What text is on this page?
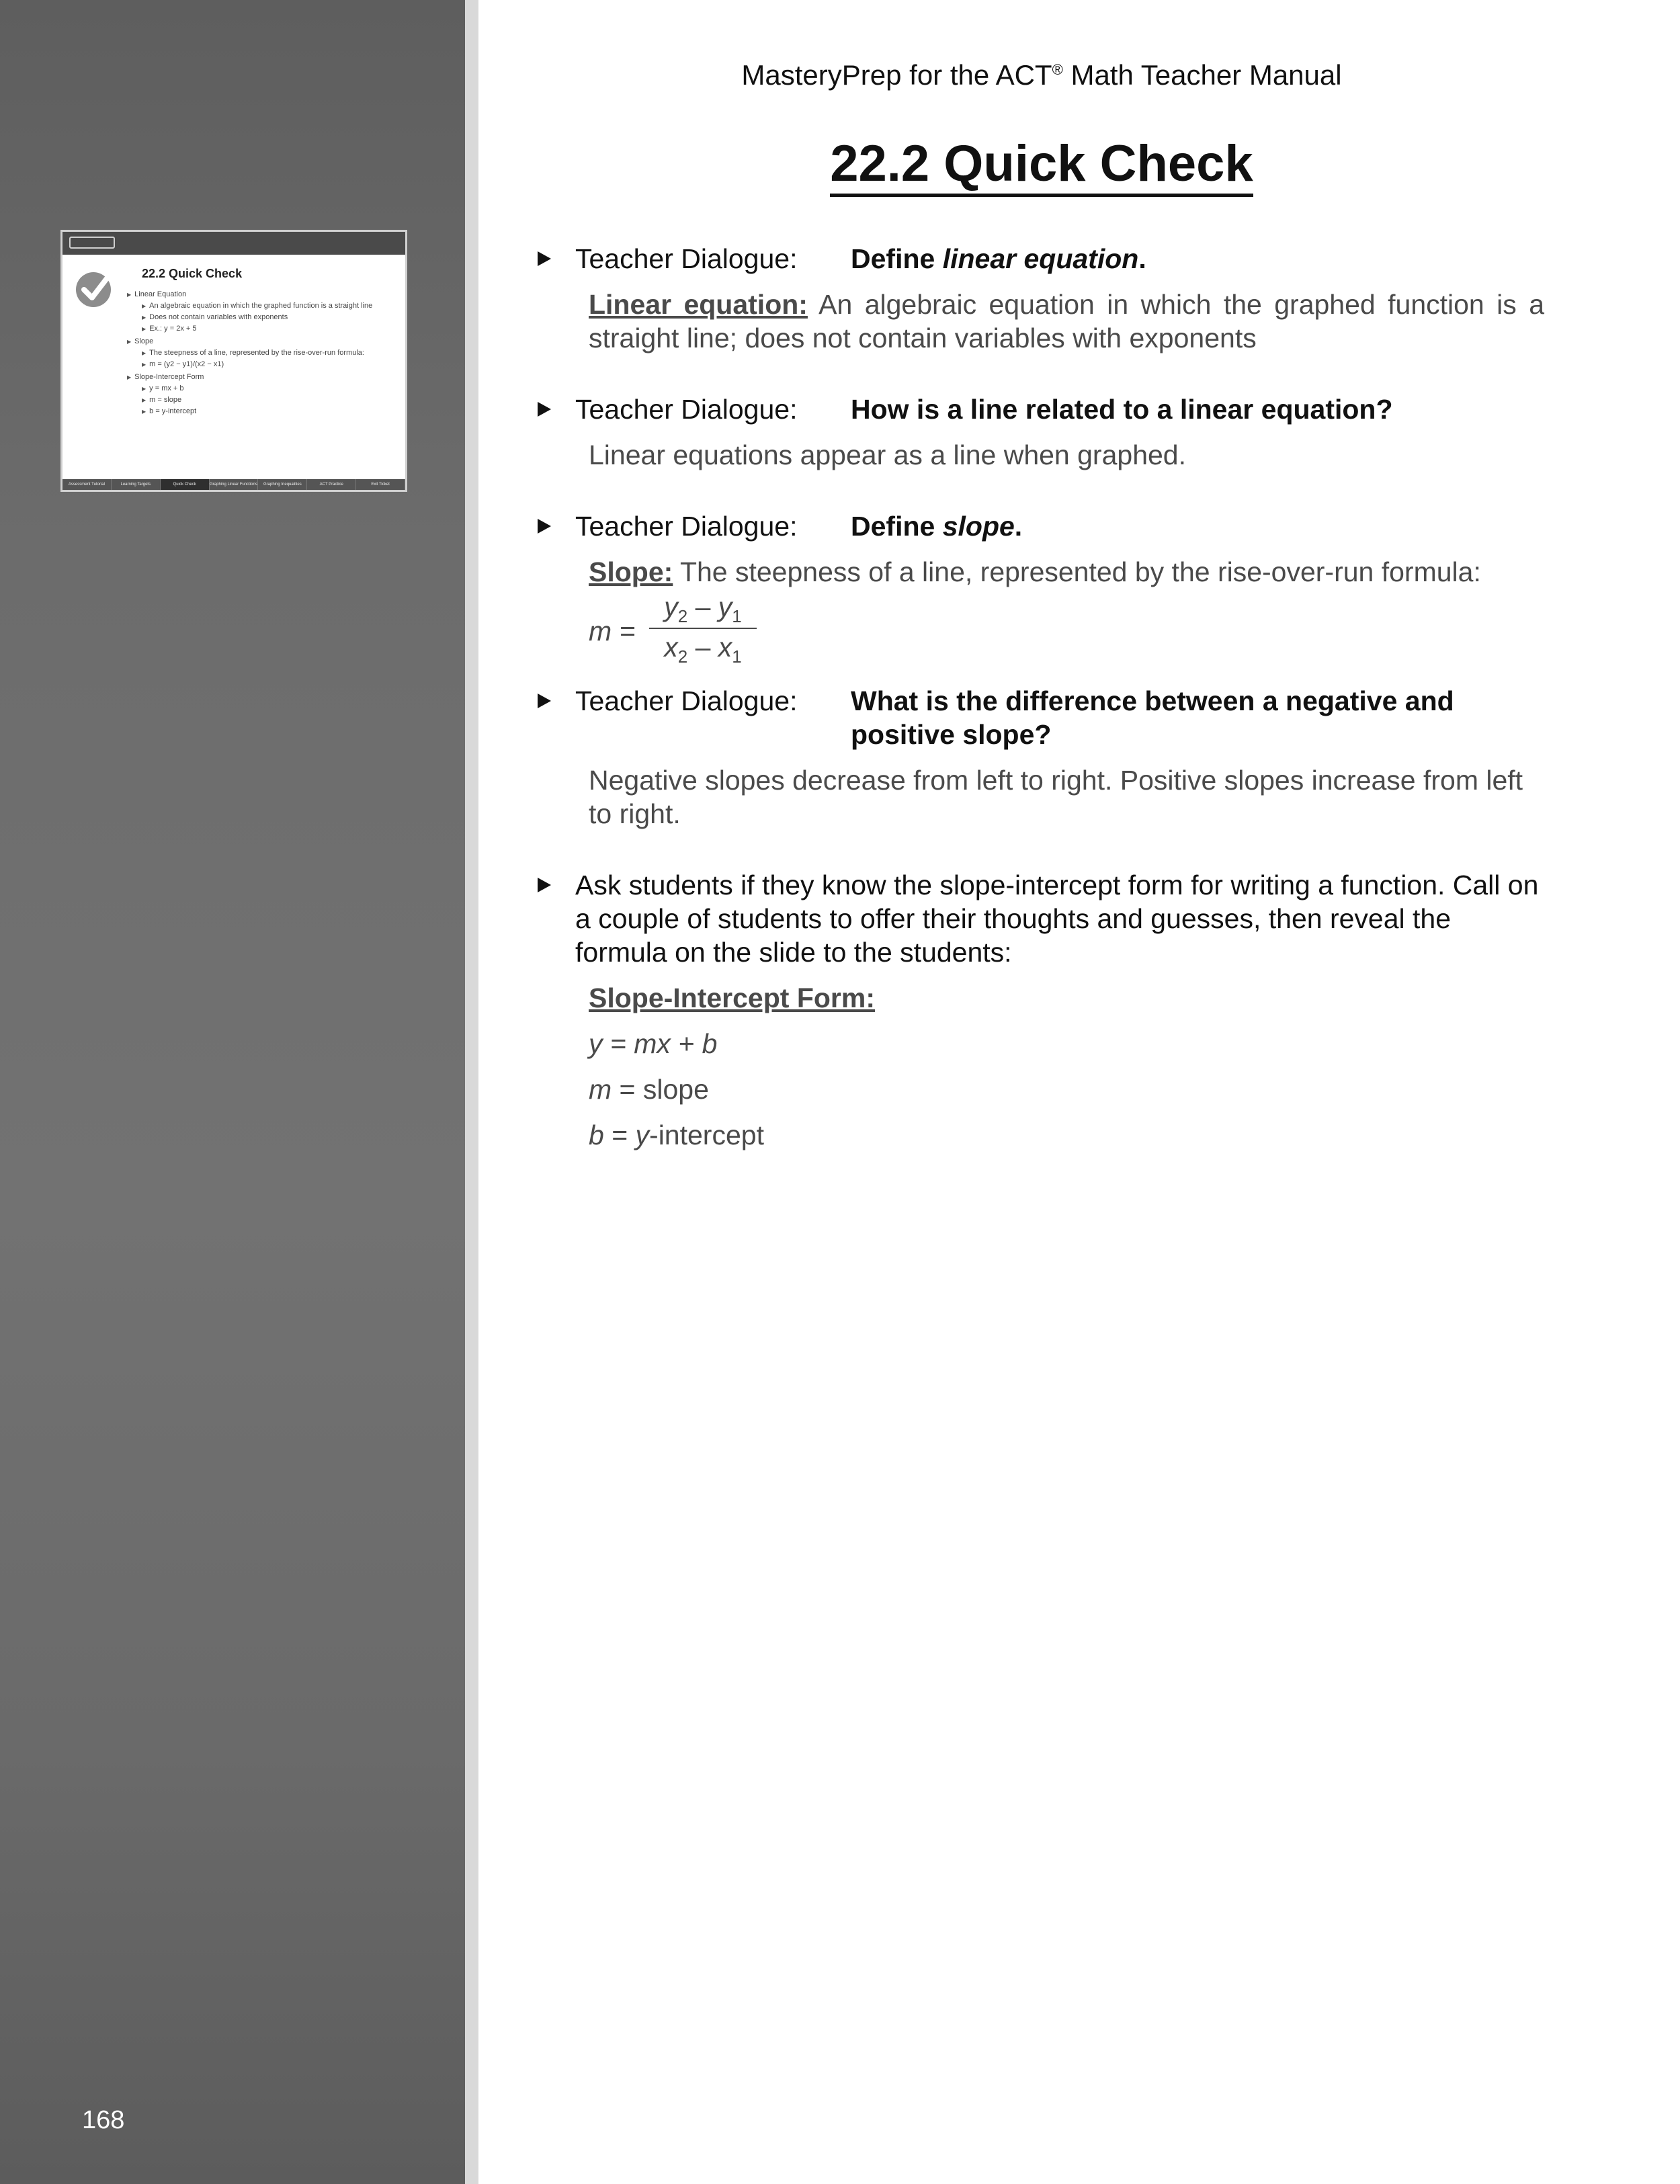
22.2 Quick Check
▶ Linear Equation
▶ An algebraic equation in which the graphed function is a straight line
▶ Does not contain variables with exponents
▶ Ex.: y = 2x + 5
▶ Slope
▶ The steepness of a line, represented by the rise-over-run formula:
▶ m = (y2 − y1)/(x2 − x1)
▶ Slope-Intercept Form
▶ y = mx + b
▶ m = slope
▶ b = y-intercept
Assessment Tutorial	Learning Targets	Quick Check	Graphing Linear Functions	Graphing Inequalities	ACT Practice	Exit Ticket
168
MasteryPrep for the ACT® Math Teacher Manual
22.2 Quick Check
Teacher Dialogue: Define linear equation.
Linear equation: An algebraic equation in which the graphed function is a straight line; does not contain variables with exponents
Teacher Dialogue: How is a line related to a linear equation?
Linear equations appear as a line when graphed.
Teacher Dialogue: Define slope.
Slope: The steepness of a line, represented by the rise-over-run formula:
m =
$y_2 - y_1$
$x_2 - x_1$
Teacher Dialogue: What is the difference between a negative and positive slope?
Negative slopes decrease from left to right. Positive slopes increase from left to right.
Ask students if they know the slope-intercept form for writing a function. Call on a couple of students to offer their thoughts and guesses, then reveal the formula on the slide to the students:
Slope-Intercept Form:
y = mx + b
m = slope
b = y-intercept
